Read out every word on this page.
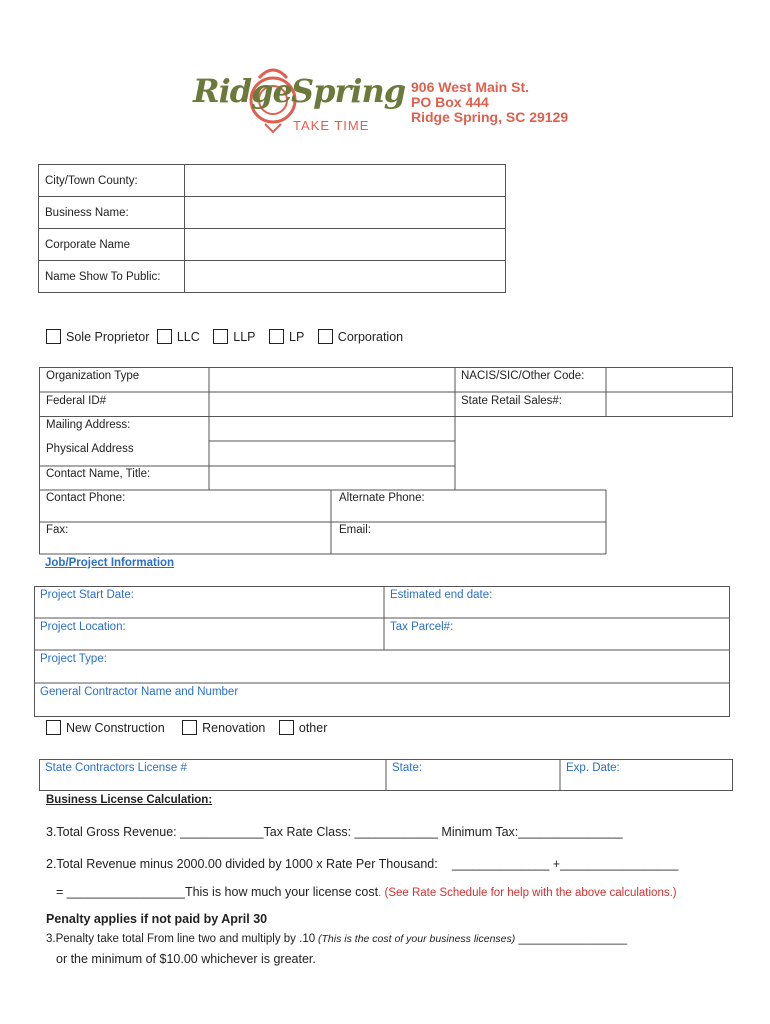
Ridge Spring
TAKE TIME
906 West Main St.
PO Box 444
Ridge Spring, SC 29129
City/Town County:	
Business Name:	
Corporate Name	
Name Show To Public:	
Sole Proprietor LLC	LLP	LP	Corporation
Organization Type	NACIS/SIC/Other Code:
Federal ID#	State Retail Sales#:
Mailing Address:
Physical Address
Contact Name, Title:
Contact Phone:	Alternate Phone:
Fax:	Email:
Job/Project Information
Project Start Date:	Estimated end date:
Project Location:	Tax Parcel#:
Project Type:
General Contractor Name and Number
New Construction	Renovation	other
State Contractors License #	State:	Exp. Date:
Business License Calculation:
3.Total Gross Revenue: ____________Tax Rate Class: ____________ Minimum Tax:_______________
2.Total Revenue minus 2000.00 divided by 1000 x Rate Per Thousand: ______________ +_________________
= _________________This is how much your license cost. (See Rate Schedule for help with the above calculations.)
Penalty applies if not paid by April 30
3.Penalty take total From line two and multiply by .10 (This is the cost of your business licenses) _________________
or the minimum of $10.00 whichever is greater.
